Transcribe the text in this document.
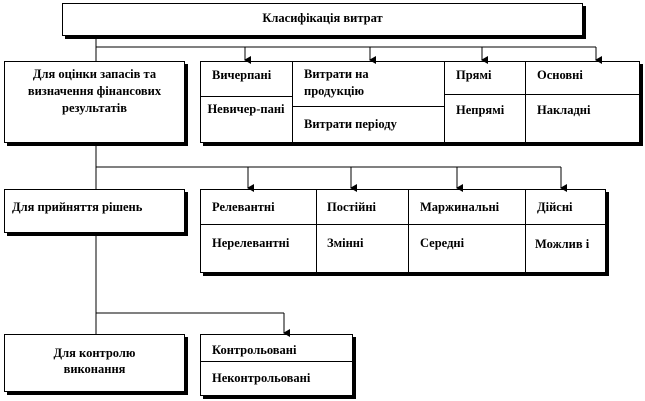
Класифікація витрат
Для оцінки запасів та визначення фінансових результатів
Для прийняття рішень
Для контролю виконання
Вичерпані
Невичер-пані
Витрати на продукцію
Витрати періоду
Прямі
Непрямі
Основні
Накладні
Релевантні
Нерелевантні
Постійні
Змінні
Маржинальні
Середні
Дійсні
Можлив і
Контрольовані
Неконтрольовані
